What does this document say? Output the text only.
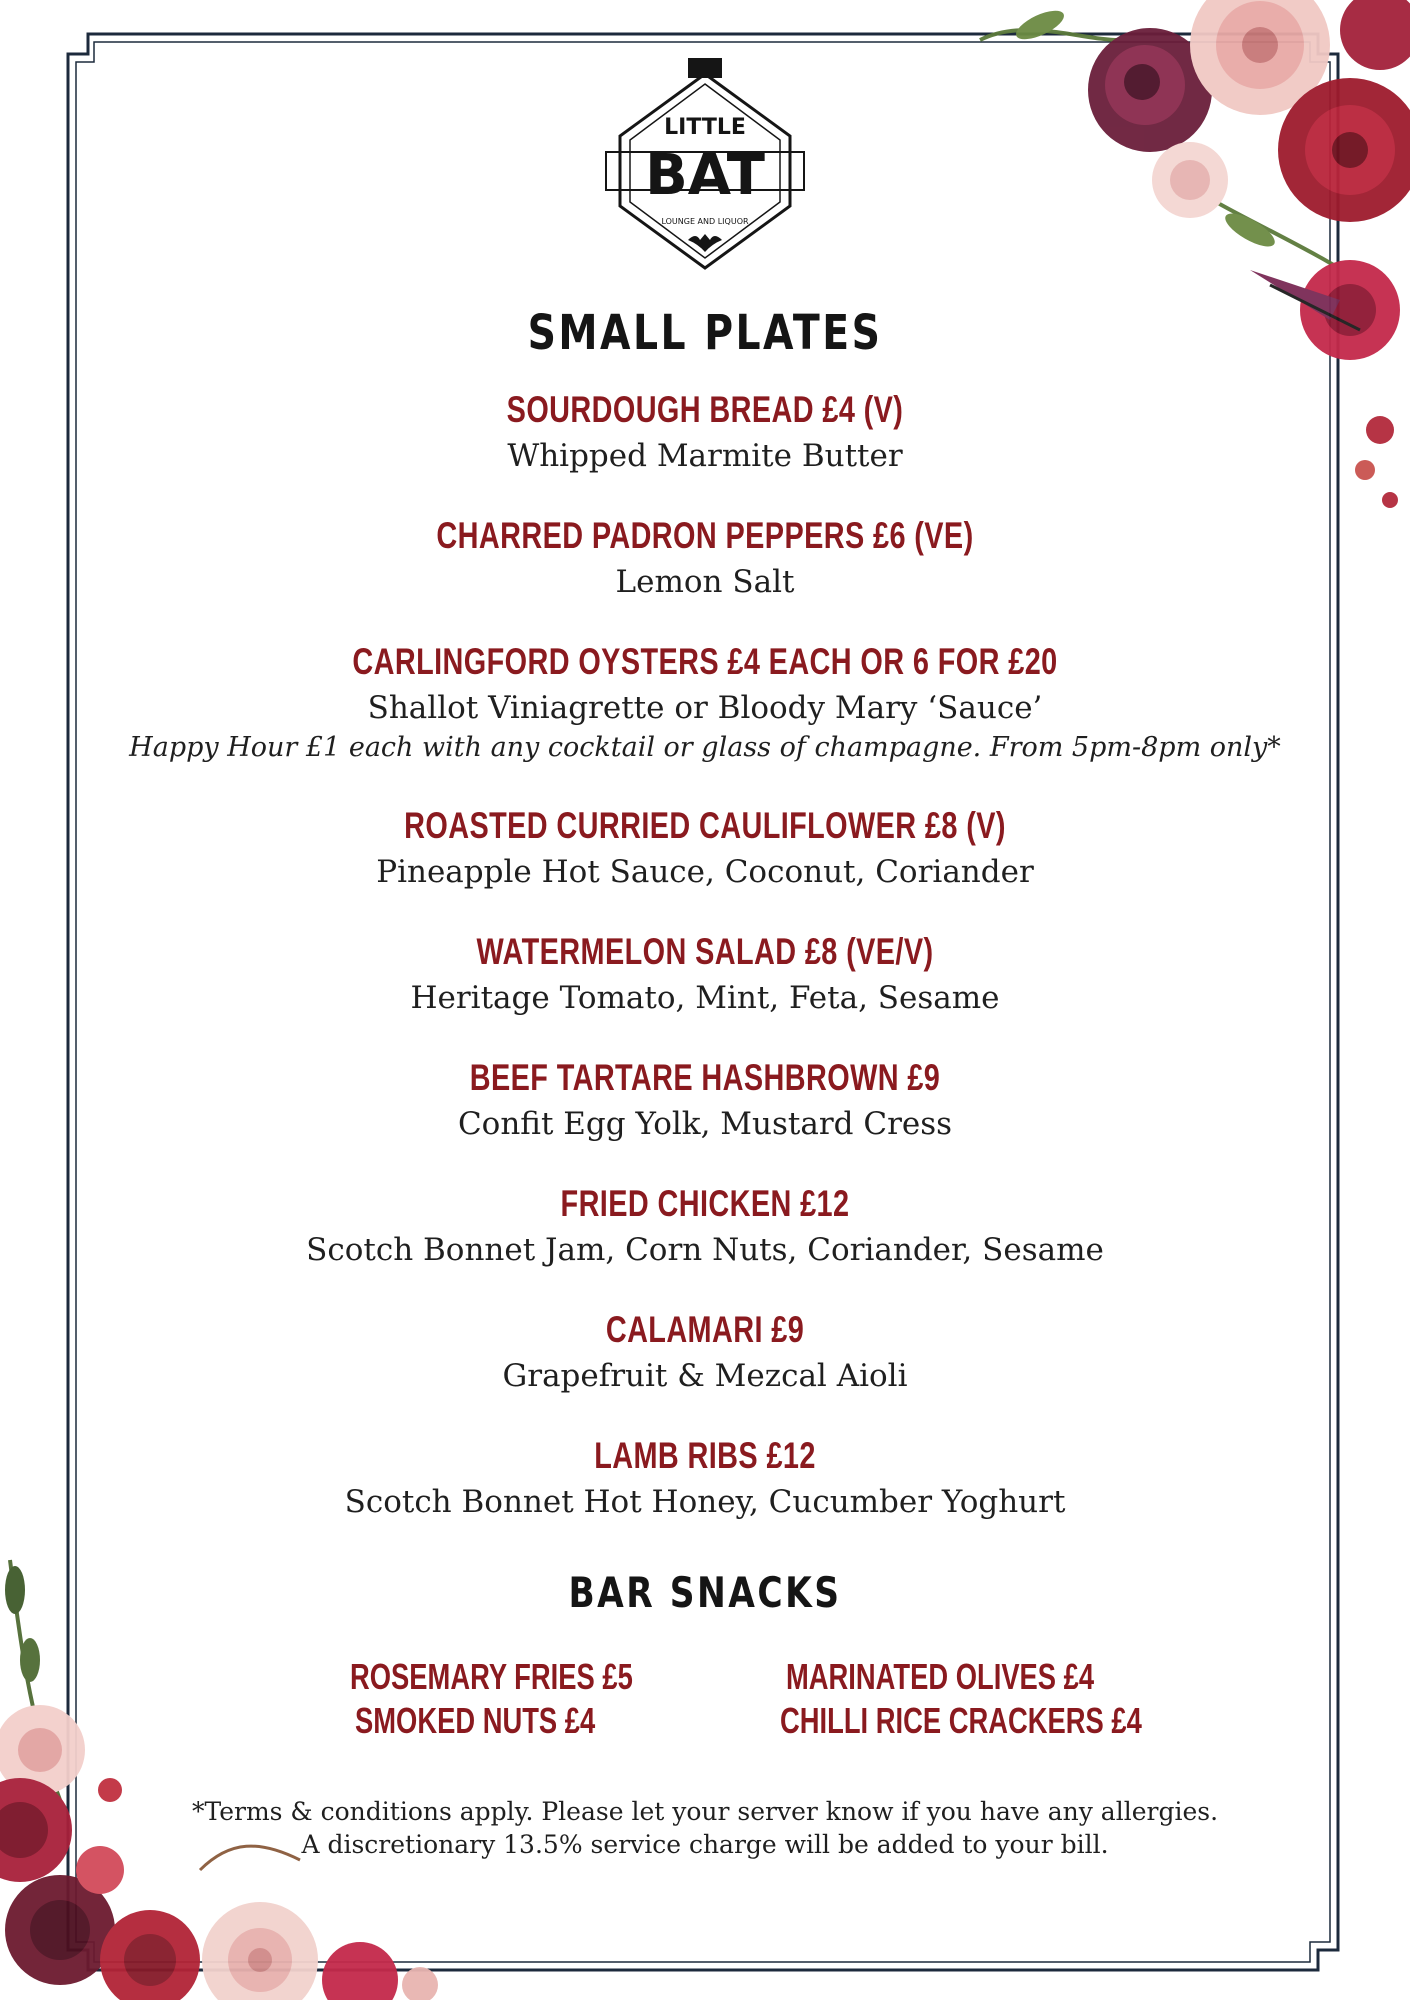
LITTLE
BAT
LOUNGE AND LIQUOR
SMALL PLATES
SOURDOUGH BREAD £4 (V)
Whipped Marmite Butter
CHARRED PADRON PEPPERS £6 (VE)
Lemon Salt
CARLINGFORD OYSTERS £4 EACH OR 6 FOR £20
Shallot Viniagrette or Bloody Mary ‘Sauce’
Happy Hour £1 each with any cocktail or glass of champagne. From 5pm-8pm only*
ROASTED CURRIED CAULIFLOWER £8 (V)
Pineapple Hot Sauce, Coconut, Coriander
WATERMELON SALAD £8 (VE/V)
Heritage Tomato, Mint, Feta, Sesame
BEEF TARTARE HASHBROWN £9
Confit Egg Yolk, Mustard Cress
FRIED CHICKEN £12
Scotch Bonnet Jam, Corn Nuts, Coriander, Sesame
CALAMARI £9
Grapefruit & Mezcal Aioli
LAMB RIBS £12
Scotch Bonnet Hot Honey, Cucumber Yoghurt
BAR SNACKS
ROSEMARY FRIES £5
SMOKED NUTS £4
MARINATED OLIVES £4
CHILLI RICE CRACKERS £4
*Terms & conditions apply. Please let your server know if you have any allergies.
A discretionary 13.5% service charge will be added to your bill.
